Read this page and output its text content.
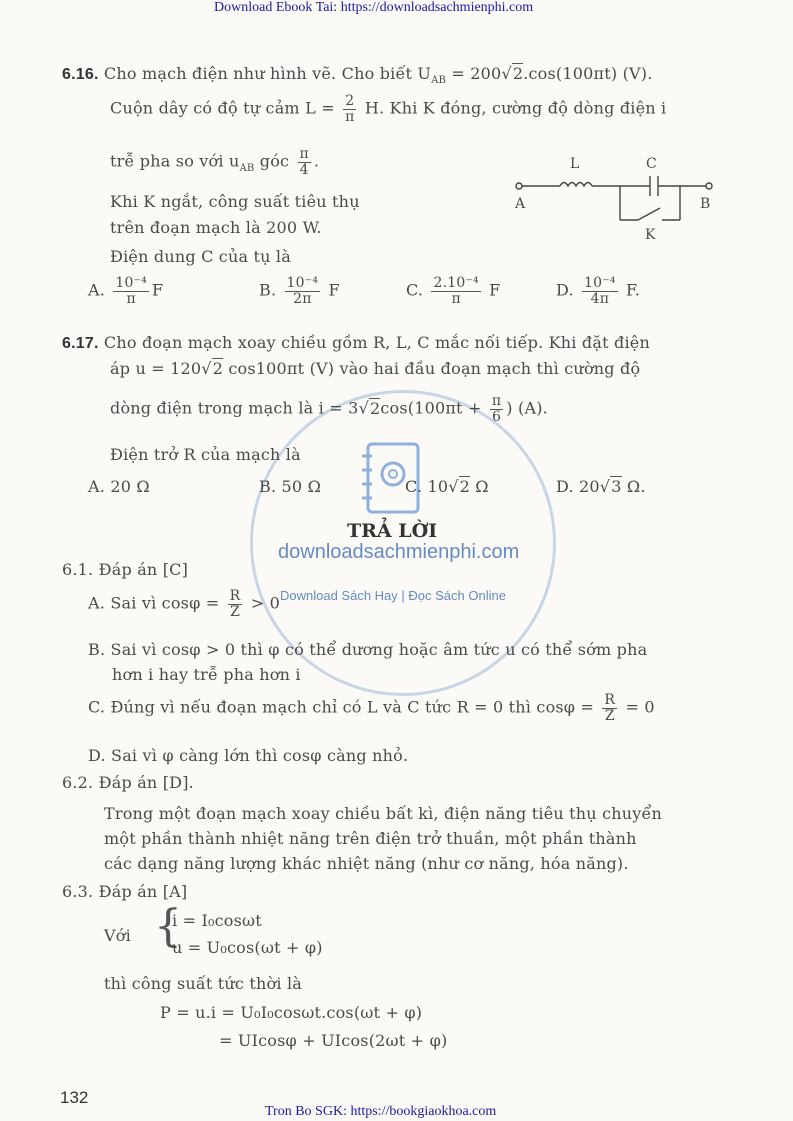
Download Ebook Tai: https://downloadsachmienphi.com
TRẢ LỜI
downloadsachmienphi.com
Download Sách Hay | Đọc Sách Online
6.16. Cho mạch điện như hình vẽ. Cho biết $U_{AB} = 200√2.\cos(100\pi t)$ (V).
Cuộn dây có độ tự cảm $L = \frac{2}{\pi} H$. Khi K đóng, cường độ dòng điện i
trễ pha so với $u_{AB}$ góc $\frac{\pi}{4}$ .
Khi K ngắt, công suất tiêu thụ
trên đoạn mạch là 200 W.
Điện dung C của tụ là
L	C
A	B
K
A. $\frac{\text{10⁻⁴}}{\pi}$ F	B. $\frac{\text{10⁻⁴}}{2\pi}$ F	C. $\frac{\text{2.10⁻⁴}}{\pi}$ F	D. $\frac{\text{10⁻⁴}}{4\pi} F$.
6.17. Cho đoạn mạch xoay chiều gồm R, L, C mắc nối tiếp. Khi đặt điện
áp u = 120√2 cos100πt (V) vào hai đầu đoạn mạch thì cường độ
dòng điện trong mạch là $i = 3√2\cos(100\pi t + \frac{\pi}{6}$ ) (A).
Điện trở R của mạch là
A. 20 Ω	B. 50 Ω	C. 10√2 Ω	D. 20√3 Ω.
6.1. Đáp án [C]
A. Sai vì $\cos\varphi = \frac{R}{Z} > 0$
B. Sai vì cosφ > 0 thì φ có thể dương hoặc âm tức u có thể sớm pha
hơn i hay trễ pha hơn i
C. Đúng vì nếu đoạn mạch chỉ có L và C tức R = 0 thì $\cos\varphi = \frac{R}{Z} = 0$
D. Sai vì φ càng lớn thì cosφ càng nhỏ.
6.2. Đáp án [D].
Trong một đoạn mạch xoay chiều bất kì, điện năng tiêu thụ chuyển
một phần thành nhiệt năng trên điện trở thuần, một phần thành
các dạng năng lượng khác nhiệt năng (như cơ năng, hóa năng).
6.3. Đáp án [A]
Với {
i = I₀cosωt
u = U₀cos(ωt + φ)
thì công suất tức thời là
P = u.i = U₀I₀cosωt.cos(ωt + φ)
= UIcosφ + UIcos(2ωt + φ)
132
Tron Bo SGK: https://bookgiaokhoa.com
